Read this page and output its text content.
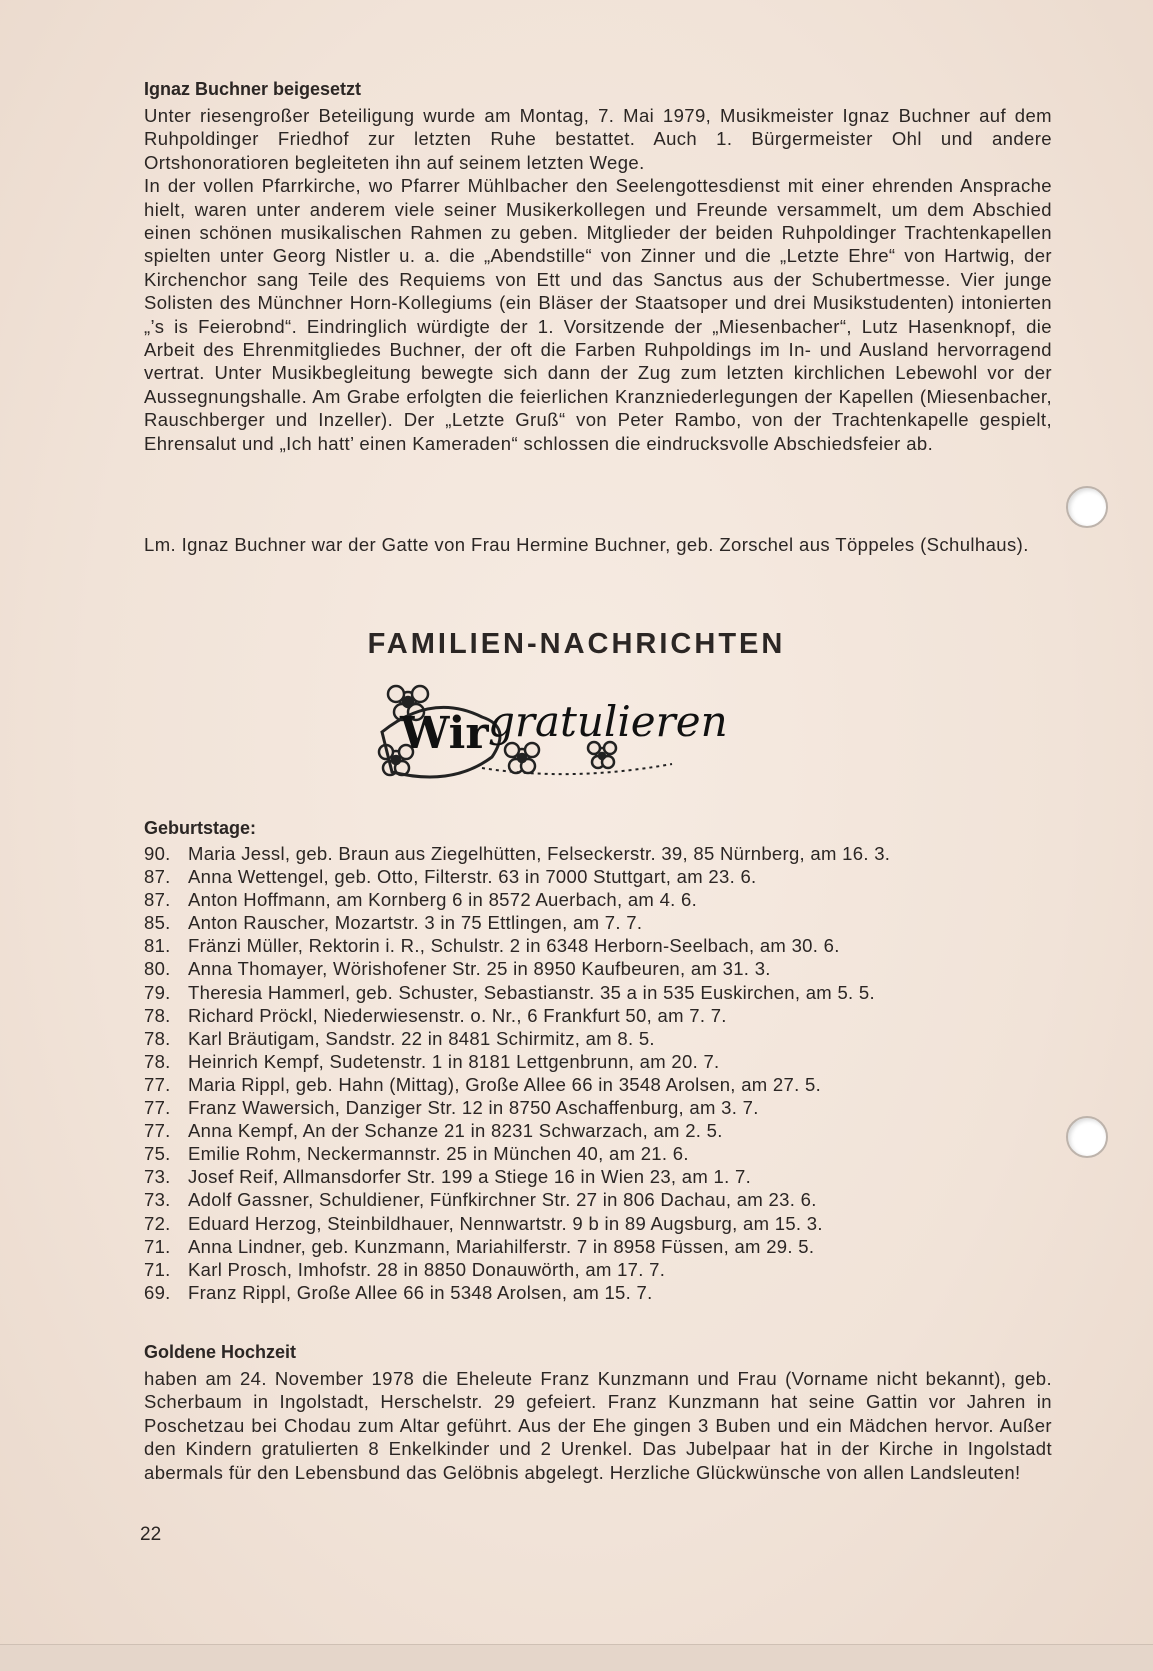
Ignaz Buchner beigesetzt

Unter riesengroßer Beteiligung wurde am Montag, 7. Mai 1979, Musikmeister Ignaz Buchner auf dem Ruhpoldinger Friedhof zur letzten Ruhe bestattet. Auch 1. Bürgermeister Ohl und andere Ortshonoratioren begleiteten ihn auf seinem letzten Wege.

In der vollen Pfarrkirche, wo Pfarrer Mühlbacher den Seelengottesdienst mit einer ehrenden Ansprache hielt, waren unter anderem viele seiner Musikerkollegen und Freunde versammelt, um dem Abschied einen schönen musikalischen Rahmen zu geben. Mitglieder der beiden Ruhpoldinger Trachtenkapellen spielten unter Georg Nistler u. a. die „Abendstille“ von Zinner und die „Letzte Ehre“ von Hartwig, der Kirchenchor sang Teile des Requiems von Ett und das Sanctus aus der Schubertmesse. Vier junge Solisten des Münchner Horn-Kollegiums (ein Bläser der Staatsoper und drei Musikstudenten) intonierten „’s is Feierobnd“. Eindringlich würdigte der 1. Vorsitzende der „Miesenbacher“, Lutz Hasenknopf, die Arbeit des Ehrenmitgliedes Buchner, der oft die Farben Ruhpoldings im In- und Ausland hervorragend vertrat. Unter Musikbegleitung bewegte sich dann der Zug zum letzten kirchlichen Lebewohl vor der Aussegnungshalle. Am Grabe erfolgten die feierlichen Kranzniederlegungen der Kapellen (Miesenbacher, Rauschberger und Inzeller). Der „Letzte Gruß“ von Peter Rambo, von der Trachtenkapelle gespielt, Ehrensalut und „Ich hatt’ einen Kameraden“ schlossen die eindrucksvolle Abschiedsfeier ab.

Lm. Ignaz Buchner war der Gatte von Frau Hermine Buchner, geb. Zorschel aus Töppeles (Schulhaus).

FAMILIEN-NACHRICHTEN

Wir gratulieren

Geburtstage:

90. Maria Jessl, geb. Braun aus Ziegelhütten, Felseckerstr. 39, 85 Nürnberg, am 16. 3.
87. Anna Wettengel, geb. Otto, Filterstr. 63 in 7000 Stuttgart, am 23. 6.
87. Anton Hoffmann, am Kornberg 6 in 8572 Auerbach, am 4. 6.
85. Anton Rauscher, Mozartstr. 3 in 75 Ettlingen, am 7. 7.
81. Fränzi Müller, Rektorin i. R., Schulstr. 2 in 6348 Herborn-Seelbach, am 30. 6.
80. Anna Thomayer, Wörishofener Str. 25 in 8950 Kaufbeuren, am 31. 3.
79. Theresia Hammerl, geb. Schuster, Sebastianstr. 35 a in 535 Euskirchen, am 5. 5.
78. Richard Pröckl, Niederwiesenstr. o. Nr., 6 Frankfurt 50, am 7. 7.
78. Karl Bräutigam, Sandstr. 22 in 8481 Schirmitz, am 8. 5.
78. Heinrich Kempf, Sudetenstr. 1 in 8181 Lettgenbrunn, am 20. 7.
77. Maria Rippl, geb. Hahn (Mittag), Große Allee 66 in 3548 Arolsen, am 27. 5.
77. Franz Wawersich, Danziger Str. 12 in 8750 Aschaffenburg, am 3. 7.
77. Anna Kempf, An der Schanze 21 in 8231 Schwarzach, am 2. 5.
75. Emilie Rohm, Neckermannstr. 25 in München 40, am 21. 6.
73. Josef Reif, Allmansdorfer Str. 199 a Stiege 16 in Wien 23, am 1. 7.
73. Adolf Gassner, Schuldiener, Fünfkirchner Str. 27 in 806 Dachau, am 23. 6.
72. Eduard Herzog, Steinbildhauer, Nennwartstr. 9 b in 89 Augsburg, am 15. 3.
71. Anna Lindner, geb. Kunzmann, Mariahilferstr. 7 in 8958 Füssen, am 29. 5.
71. Karl Prosch, Imhofstr. 28 in 8850 Donauwörth, am 17. 7.
69. Franz Rippl, Große Allee 66 in 5348 Arolsen, am 15. 7.

Goldene Hochzeit

haben am 24. November 1978 die Eheleute Franz Kunzmann und Frau (Vorname nicht bekannt), geb. Scherbaum in Ingolstadt, Herschelstr. 29 gefeiert. Franz Kunzmann hat seine Gattin vor Jahren in Poschetzau bei Chodau zum Altar geführt. Aus der Ehe gingen 3 Buben und ein Mädchen hervor. Außer den Kindern gratulierten 8 Enkelkinder und 2 Urenkel. Das Jubelpaar hat in der Kirche in Ingolstadt abermals für den Lebensbund das Gelöbnis abgelegt. Herzliche Glückwünsche von allen Landsleuten!

22
